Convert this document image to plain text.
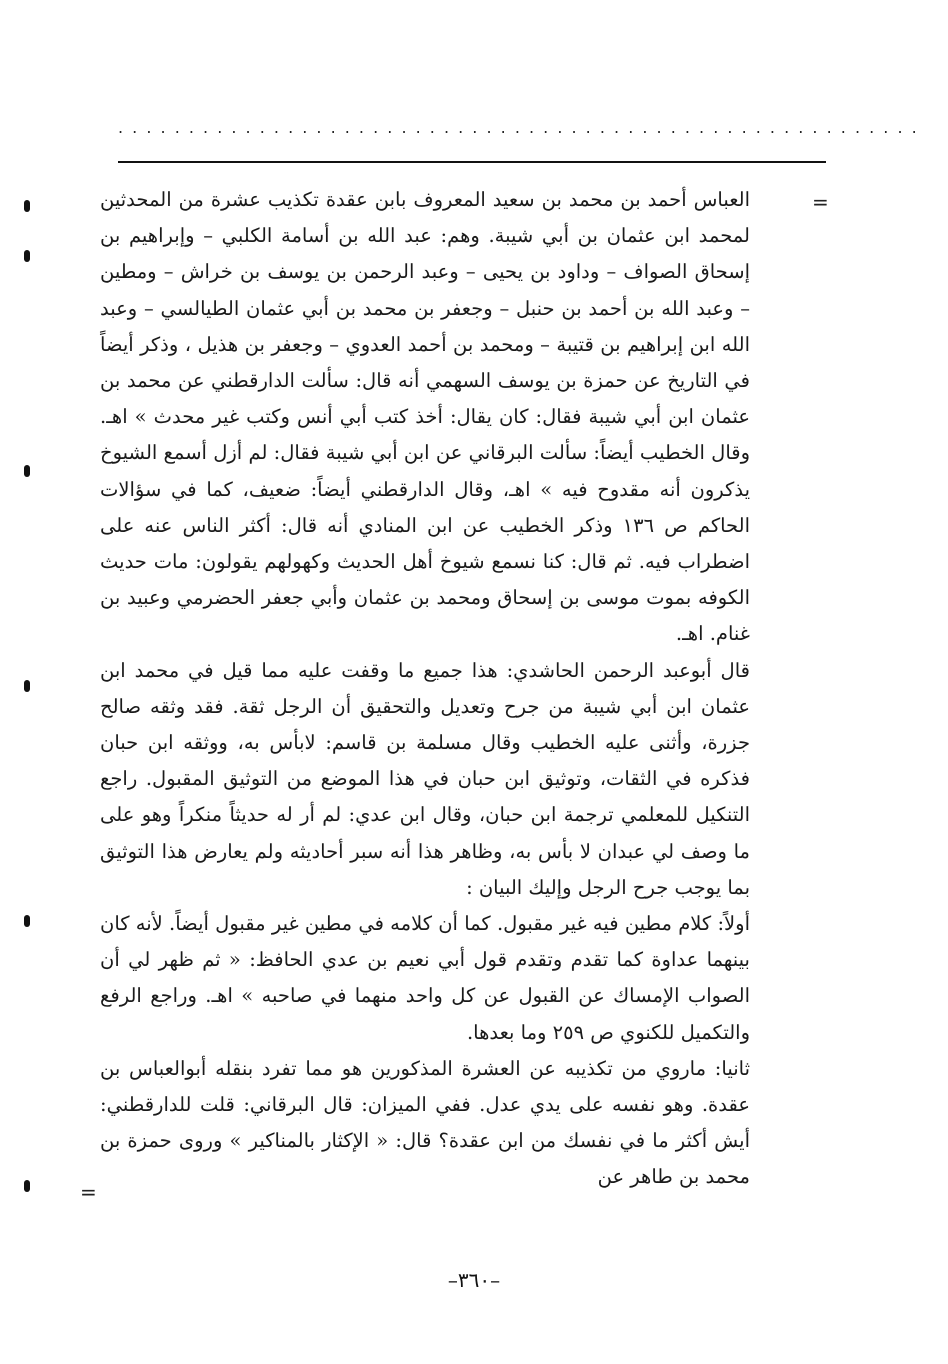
. . . . . . . . . . . . . . . . . . . . . . . . . . . . . . . . . . . . . . . . . . . . . . . . . . . . . . . . .
=

العباس أحمد بن محمد بن سعيد المعروف بابن عقدة تكذيب عشرة من المحدثين لمحمد ابن عثمان بن أبي شيبة. وهم: عبد الله بن أسامة الكلبي – وإبراهيم بن إسحاق الصواف – وداود بن يحيى – وعبد الرحمن بن يوسف بن خراش – ومطين – وعبد الله بن أحمد بن حنبل – وجعفر بن محمد بن أبي عثمان الطيالسي – وعبد الله ابن إبراهيم بن قتيبة – ومحمد بن أحمد العدوي – وجعفر بن هذيل ، وذكر أيضاً في التاريخ عن حمزة بن يوسف السهمي أنه قال: سألت الدارقطني عن محمد بن عثمان ابن أبي شيبة فقال: كان يقال: أخذ كتب أبي أنس وكتب غير محدث » اهـ. وقال الخطيب أيضاً: سألت البرقاني عن ابن أبي شيبة فقال: لم أزل أسمع الشيوخ يذكرون أنه مقدوح فيه » اهـ، وقال الدارقطني أيضاً: ضعيف، كما في سؤالات الحاكم ص ١٣٦ وذكر الخطيب عن ابن المنادي أنه قال: أكثر الناس عنه على اضطراب فيه. ثم قال: كنا نسمع شيوخ أهل الحديث وكهولهم يقولون: مات حديث الكوفه بموت موسى بن إسحاق ومحمد بن عثمان وأبي جعفر الحضرمي وعبيد بن غنام. اهـ.

قال أبوعبد الرحمن الحاشدي: هذا جميع ما وقفت عليه مما قيل في محمد ابن عثمان ابن أبي شيبة من جرح وتعديل والتحقيق أن الرجل ثقة. فقد وثقه صالح جزرة، وأثنى عليه الخطيب وقال مسلمة بن قاسم: لابأس به، ووثقه ابن حبان فذكره في الثقات، وتوثيق ابن حبان في هذا الموضع من التوثيق المقبول. راجع التنكيل للمعلمي ترجمة ابن حبان، وقال ابن عدي: لم أر له حديثاً منكراً وهو على ما وصف لي عبدان لا بأس به، وظاهر هذا أنه سبر أحاديثه ولم يعارض هذا التوثيق بما يوجب جرح الرجل وإليك البيان :

أولاً: كلام مطين فيه غير مقبول. كما أن كلامه في مطين غير مقبول أيضاً. لأنه كان بينهما عداوة كما تقدم وتقدم قول أبي نعيم بن عدي الحافظ: « ثم ظهر لي أن الصواب الإمساك عن القبول عن كل واحد منهما في صاحبه » اهـ. وراجع الرفع والتكميل للكنوي ص ٢٥٩ وما بعدها.

ثانيا: ماروي من تكذيبه عن العشرة المذكورين هو مما تفرد بنقله أبوالعباس بن عقدة. وهو نفسه على يدي عدل. ففي الميزان: قال البرقاني: قلت للدارقطني: أيش أكثر ما في نفسك من ابن عقدة؟ قال: « الإكثار بالمناكير » وروى حمزة بن محمد بن طاهر عن

=
–٣٦٠–
